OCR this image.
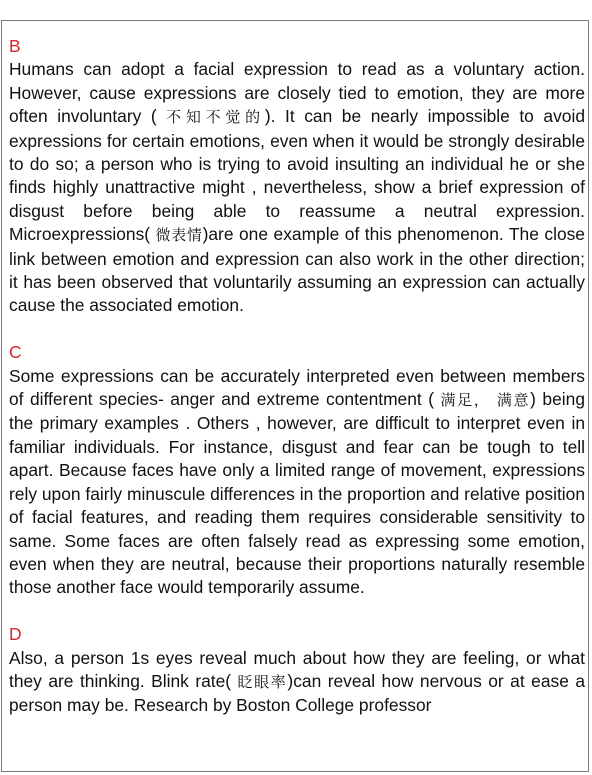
B
Humans can adopt a facial expression to read as a voluntary action. However, cause expressions are closely tied to emotion, they are more often involuntary ( 不知不觉的). It can be nearly impossible to avoid expressions for certain emotions, even when it would be strongly desirable to do so; a person who is trying to avoid insulting an individual he or she finds highly unattractive might , nevertheless, show a brief expression of disgust before being able to reassume a neutral expression. Microexpressions( 微表情)are one example of this phenomenon. The close link between emotion and expression can also work in the other direction; it has been observed that voluntarily assuming an expression can actually cause the associated emotion.
C
Some expressions can be accurately interpreted even between members of different species- anger and extreme contentment ( 满足， 满意) being the primary examples . Others , however, are difficult to interpret even in familiar individuals. For instance, disgust and fear can be tough to tell apart. Because faces have only a limited range of movement, expressions rely upon fairly minuscule differences in the proportion and relative position of facial features, and reading them requires considerable sensitivity to same. Some faces are often falsely read as expressing some emotion, even when they are neutral, because their proportions naturally resemble those another face would temporarily assume.
D
Also, a person 1s eyes reveal much about how they are feeling, or what they are thinking. Blink rate( 眨眼率)can reveal how nervous or at ease a person may be. Research by Boston College professor
